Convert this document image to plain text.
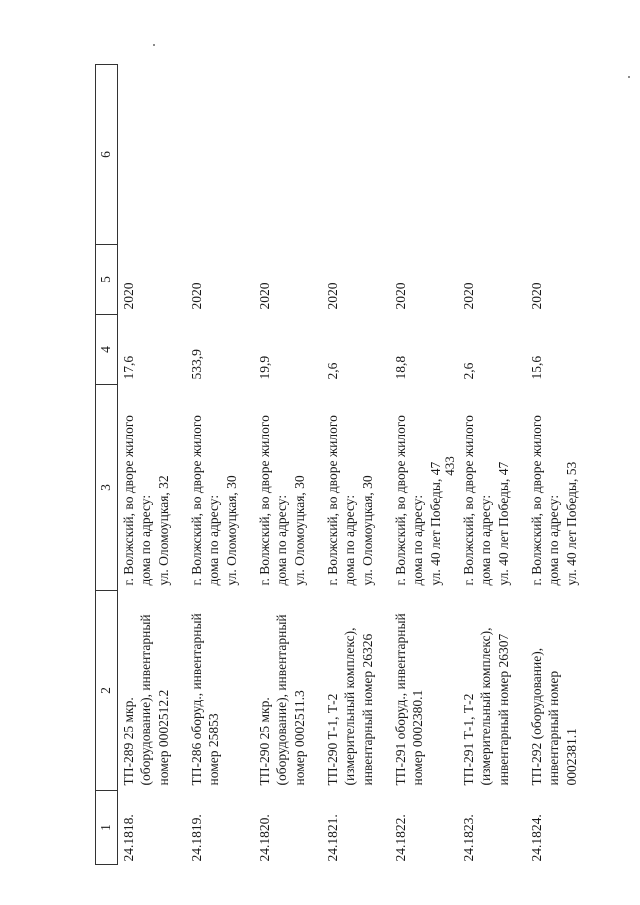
433
1	2	3	4	5	6
24.1818.	ТП-289 25 мкр.
(оборудование), инвентарный
номер 0002512.2	г. Волжский, во дворе жилого
дома по адресу:
ул. Оломоуцкая, 32	17,6	2020	
24.1819.	ТП-286 оборуд., инвентарный
номер 25853	г. Волжский, во дворе жилого
дома по адресу:
ул. Оломоуцкая, 30	533,9	2020	
24.1820.	ТП-290 25 мкр.
(оборудование), инвентарный
номер 0002511.3	г. Волжский, во дворе жилого
дома по адресу:
ул. Оломоуцкая, 30	19,9	2020	
24.1821.	ТП-290 Т-1, Т-2
(измерительный комплекс),
инвентарный номер 26326	г. Волжский, во дворе жилого
дома по адресу:
ул. Оломоуцкая, 30	2,6	2020	
24.1822.	ТП-291 оборуд., инвентарный
номер 0002380.1	г. Волжский, во дворе жилого
дома по адресу:
ул. 40 лет Победы, 47	18,8	2020	
24.1823.	ТП-291 Т-1, Т-2
(измерительный комплекс),
инвентарный номер 26307	г. Волжский, во дворе жилого
дома по адресу:
ул. 40 лет Победы, 47	2,6	2020	
24.1824.	ТП-292 (оборудование),
инвентарный номер
0002381.1	г. Волжский, во дворе жилого
дома по адресу:
ул. 40 лет Победы, 53	15,6	2020	
